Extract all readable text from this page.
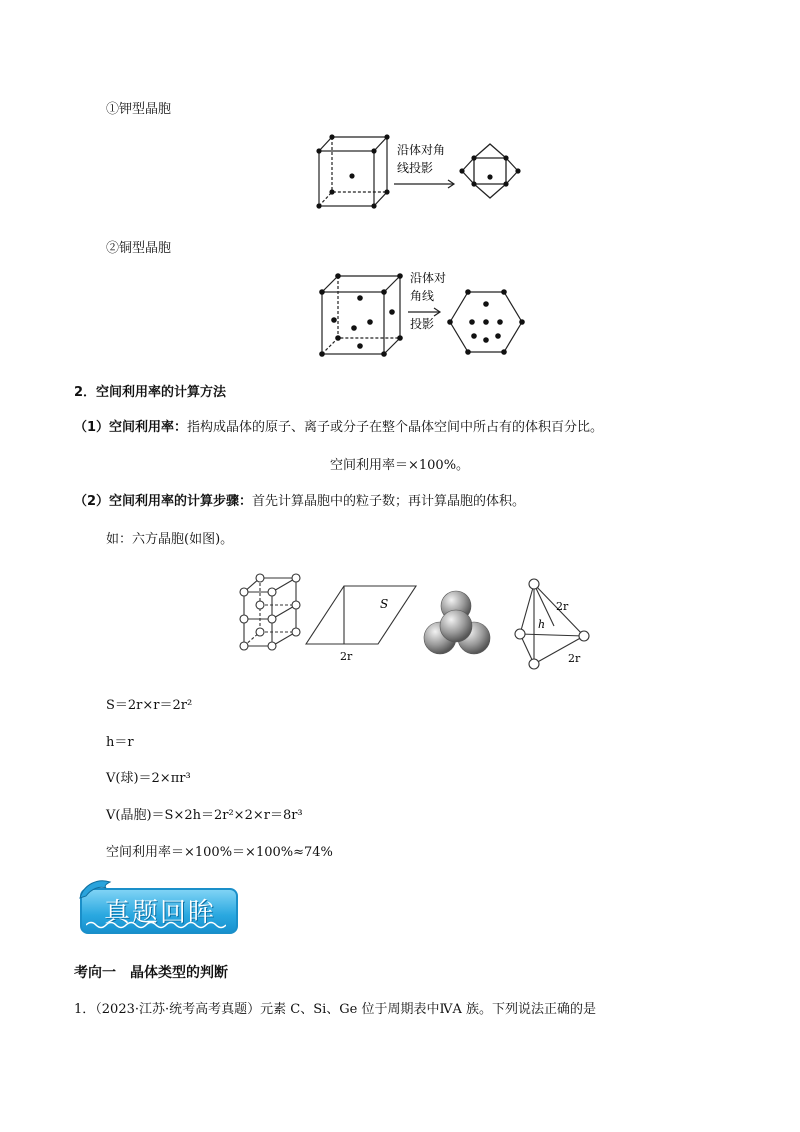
①钾型晶胞
沿体对角
线投影
②铜型晶胞
沿体对
角线
投影
2．空间利用率的计算方法
（1）空间利用率：指构成晶体的原子、离子或分子在整个晶体空间中所占有的体积百分比。
空间利用率＝×100%。
（2）空间利用率的计算步骤：首先计算晶胞中的粒子数；再计算晶胞的体积。
如：六方晶胞(如图)。
S
2r
2r
h
2r
S＝2r×r＝2r²
h＝r
V(球)＝2×πr³
V(晶胞)＝S×2h＝2r²×2×r＝8r³
空间利用率＝×100%＝×100%≈74%
真题回眸
考向一　晶体类型的判断
1．（2023·江苏·统考高考真题）元素 C、Si、Ge 位于周期表中ⅣA 族。下列说法正确的是
